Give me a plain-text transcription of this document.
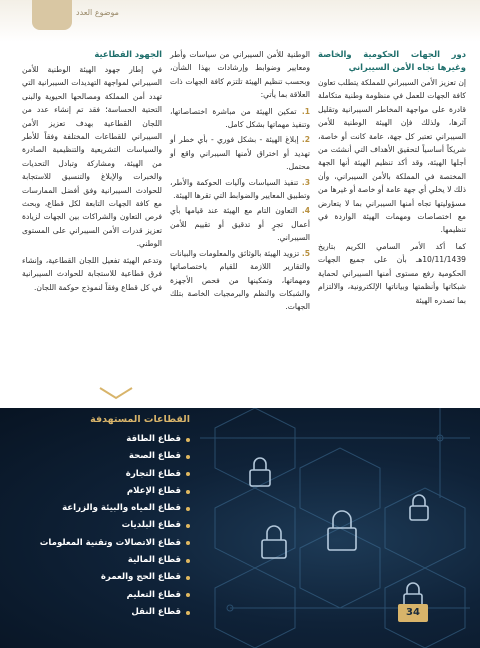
موضوع العدد
دور الجهات الحكومية والخاصة وغيرها تجاه الأمن السيبراني

إن تعزيز الأمن السيبراني للمملكة يتطلب تعاون كافة الجهات للعمل في منظومة وطنية متكاملة قادرة على مواجهة المخاطر السيبرانية وتقليل آثرها، ولذلك فإن الهيئة الوطنية للأمن السيبراني تعتبر كل جهة، عامة كانت أو خاصة، شريكاً أساسياً لتحقيق الأهداف التي أنشئت من أجلها الهيئة، وقد أكد تنظيم الهيئة أنها الجهة المختصة في المملكة بالأمن السيبراني، وأن ذلك لا يخلي أي جهة عامة أو خاصة أو غيرها من مسؤوليتها تجاه أمنها السيبراني بما لا يتعارض مع اختصاصات ومهمات الهيئة الواردة في تنظيمها.

كما أكد الأمر السامي الكريم بتاريخ 10/11/1439هـ بأن على جميع الجهات الحكومية رفع مستوى أمنها السيبراني لحماية شبكاتها وأنظمتها وبياناتها الإلكترونية، والالتزام بما تصدره الهيئة

الوطنية للأمن السيبراني من سياسات وأطر ومعايير وضوابط وإرشادات بهذا الشأن، وبحسب تنظيم الهيئة تلتزم كافة الجهات ذات العلاقة بما يأتي:

1. تمكين الهيئة من مباشرة اختصاصاتها، وتنفيذ مهماتها بشكل كامل.
2. إبلاغ الهيئة - بشكل فوري - بأي خطر أو تهديد أو اختراق لأمنها السيبراني واقع أو محتمل.
3. تنفيذ السياسات وآليات الحوكمة والأطر، وتطبيق المعايير والضوابط التي تقرها الهيئة.
4. التعاون التام مع الهيئة عند قيامها بأي أعمال تجرٍ أو تدقيق أو تقييم للأمن السيبراني.
5. تزويد الهيئة بالوثائق والمعلومات والبيانات والتقارير اللازمة للقيام باختصاصاتها ومهماتها، وتمكينها من فحص الأجهزة والشبكات والنظم والبرمجيات الخاصة بتلك الجهات.
الجهود القطاعية

في إطار جهود الهيئة الوطنية للأمن السيبراني لمواجهة التهديدات السيبرانية التي تهدد أمن المملكة ومصالحها الحيوية والبنى التحتية الحساسة؛ فقد تم إنشاء عدد من اللجان القطاعية بهدف تعزيز الأمن السيبراني للقطاعات المختلفة وفقاً للأطر والسياسات التشريعية والتنظيمية الصادرة من الهيئة، ومشاركة وتبادل التحديات والخبرات والإبلاغ والتنسيق للاستجابة للحوادث السيبرانية وفق أفضل الممارسات مع كافة الجهات التابعة لكل قطاع، وبحث فرص التعاون والشراكات بين الجهات لزيادة تعزيز قدرات الأمن السيبراني على المستوى الوطني.

وتدعم الهيئة تفعيل اللجان القطاعية، وإنشاء فرق قطاعية للاستجابة للحوادث السيبرانية في كل قطاع وفقاً لنموذج حوكمة اللجان.

القطاعات المستهدفة
قطاع الطاقة
قطاع الصحة
قطاع التجارة
قطاع الإعلام
قطاع المياه والبيئة والزراعة
قطاع البلديات
قطاع الاتصالات وتقنية المعلومات
قطاع المالية
قطاع الحج والعمرة
قطاع التعليم
قطاع النقل	34
